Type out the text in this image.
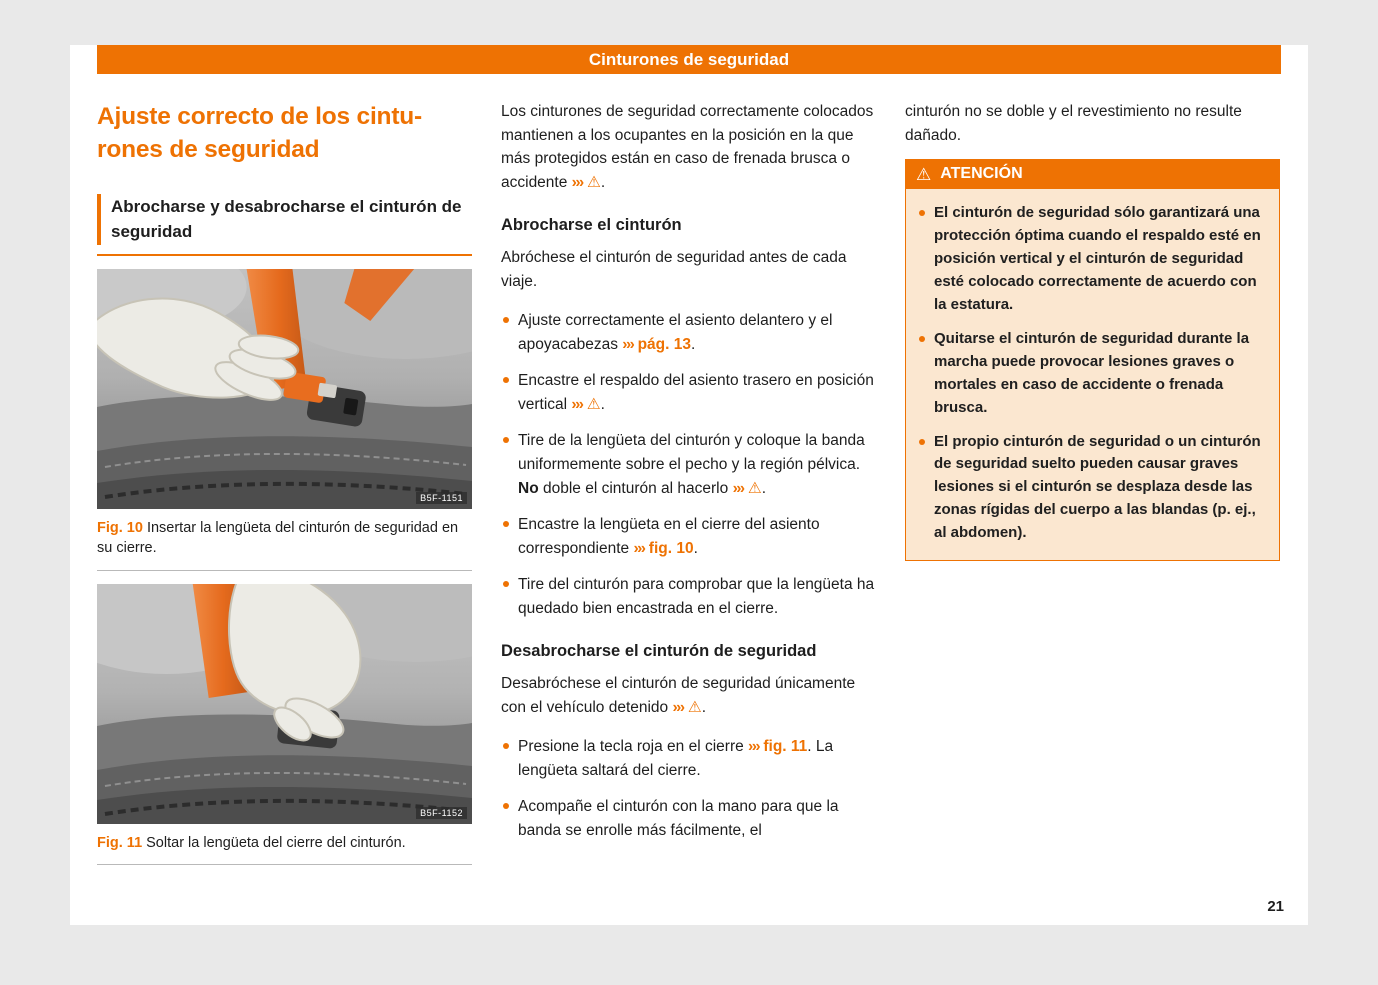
Cinturones de seguridad
Ajuste correcto de los cintu-
rones de seguridad
Abrocharse y desabrocharse el cinturón de seguridad
B5F-1151
Fig. 10 Insertar la lengüeta del cinturón de seguridad en su cierre.
B5F-1152
Fig. 11 Soltar la lengüeta del cierre del cinturón.

Los cinturones de seguridad correctamente colocados mantienen a los ocupantes en la posición en la que más protegidos están en caso de frenada brusca o accidente ››› ⚠.

Abrocharse el cinturón

Abróchese el cinturón de seguridad antes de cada viaje.

Ajuste correctamente el asiento delantero y el apoyacabezas ››› pág. 13.
Encastre el respaldo del asiento trasero en posición vertical ››› ⚠.
Tire de la lengüeta del cinturón y coloque la banda uniformemente sobre el pecho y la región pélvica. No doble el cinturón al hacerlo ››› ⚠.
Encastre la lengüeta en el cierre del asiento correspondiente ››› fig. 10.
Tire del cinturón para comprobar que la lengüeta ha quedado bien encastrada en el cierre.
Desabrocharse el cinturón de seguridad

Desabróchese el cinturón de seguridad únicamente con el vehículo detenido ››› ⚠.

Presione la tecla roja en el cierre ››› fig. 11. La lengüeta saltará del cierre.
Acompañe el cinturón con la mano para que la banda se enrolle más fácilmente, el

cinturón no se doble y el revestimiento no resulte dañado.

⚠ ATENCIÓN
El cinturón de seguridad sólo garantizará una protección óptima cuando el respaldo esté en posición vertical y el cinturón de seguridad esté colocado correctamente de acuerdo con la estatura.
Quitarse el cinturón de seguridad durante la marcha puede provocar lesiones graves o mortales en caso de accidente o frenada brusca.
El propio cinturón de seguridad o un cinturón de seguridad suelto pueden causar graves lesiones si el cinturón se desplaza desde las zonas rígidas del cuerpo a las blandas (p. ej., al abdomen).
21
